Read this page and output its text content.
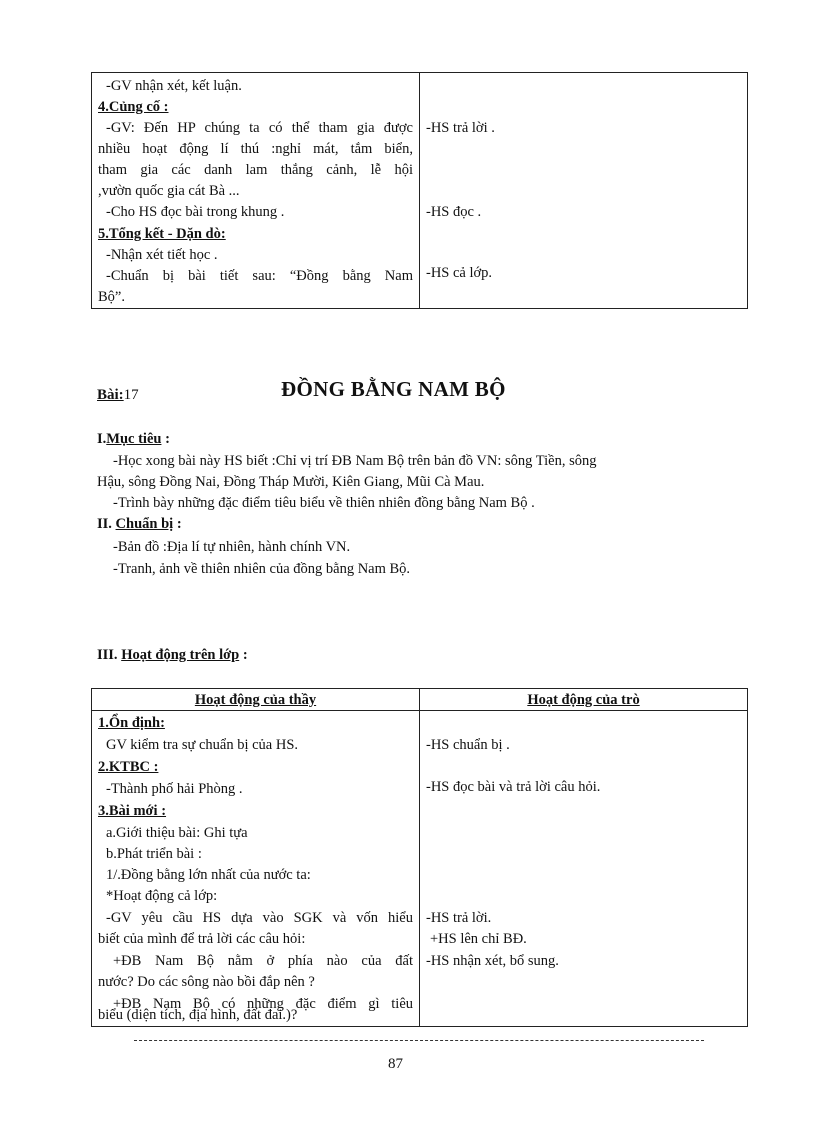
-GV nhận xét, kết luận.
4.Củng cố :
-GV: Đến HP chúng ta có thể tham gia được
nhiều hoạt động lí thú :nghỉ mát, tắm biển,
tham gia các danh lam thắng cảnh, lễ hội
,vườn quốc gia cát Bà ...
-Cho HS đọc bài trong khung .
5.Tổng kết - Dặn dò:
-Nhận xét tiết học .
-Chuẩn bị bài tiết sau: “Đồng bằng Nam
Bộ”.
-HS trả lời .
-HS đọc .
-HS cả lớp.
Bài:17	ĐỒNG BẰNG NAM BỘ
I.Mục tiêu :
-Học xong bài này HS biết :Chỉ vị trí ĐB Nam Bộ trên bản đồ VN: sông Tiền, sông
Hậu, sông Đồng Nai, Đồng Tháp Mười, Kiên Giang, Mũi Cà Mau.
-Trình bày những đặc điểm tiêu biểu về thiên nhiên đồng bằng Nam Bộ .
II. Chuẩn bị :
-Bản đồ :Địa lí tự nhiên, hành chính VN.
-Tranh, ảnh về thiên nhiên của đồng bằng Nam Bộ.
III. Hoạt động trên lớp :
Hoạt động của thầy	Hoạt động của trò
1.Ổn định:
GV kiểm tra sự chuẩn bị của HS.
2.KTBC :
-Thành phố hải Phòng .
3.Bài mới :
a.Giới thiệu bài: Ghi tựa
b.Phát triển bài :
1/.Đồng bằng lớn nhất của nước ta:
*Hoạt động cả lớp:
-GV yêu cầu HS dựa vào SGK và vốn hiểu
biết của mình để trả lời các câu hỏi:
+ĐB Nam Bộ nằm ở phía nào của đất
nước? Do các sông nào bồi đắp nên ?
+ĐB Nam Bộ có những đặc điểm gì tiêu
biểu (diện tích, địa hình, đất đai.)?
-HS chuẩn bị .
-HS đọc bài và trả lời câu hỏi.
-HS trả lời.
+HS lên chỉ BĐ.
-HS nhận xét, bổ sung.
87
